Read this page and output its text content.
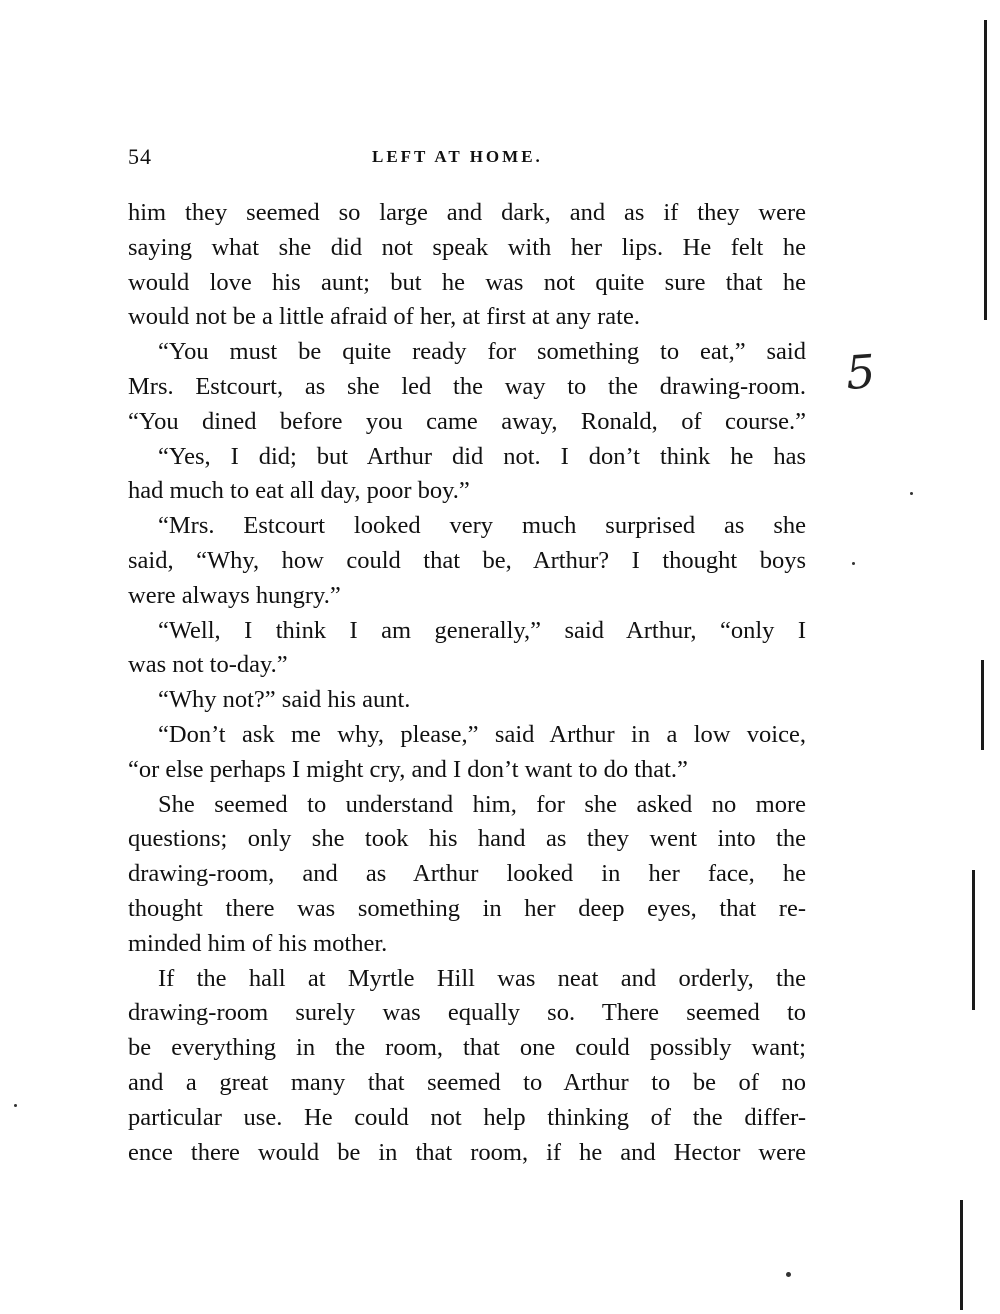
54	LEFT AT HOME.
him they seemed so large and dark, and as if they were
saying what she did not speak with her lips. He felt he
would love his aunt; but he was not quite sure that he
would not be a little afraid of her, at first at any rate.
“You must be quite ready for something to eat,” said
Mrs. Estcourt, as she led the way to the drawing-room.
“You dined before you came away, Ronald, of course.”
“Yes, I did; but Arthur did not. I don’t think he has
had much to eat all day, poor boy.”
“Mrs. Estcourt looked very much surprised as she
said, “Why, how could that be, Arthur? I thought boys
were always hungry.”
“Well, I think I am generally,” said Arthur, “only I
was not to-day.”
“Why not?” said his aunt.
“Don’t ask me why, please,” said Arthur in a low voice,
“or else perhaps I might cry, and I don’t want to do that.”
She seemed to understand him, for she asked no more
questions; only she took his hand as they went into the
drawing-room, and as Arthur looked in her face, he
thought there was something in her deep eyes, that re-
minded him of his mother.
If the hall at Myrtle Hill was neat and orderly, the
drawing-room surely was equally so. There seemed to
be everything in the room, that one could possibly want;
and a great many that seemed to Arthur to be of no
particular use. He could not help thinking of the differ-
ence there would be in that room, if he and Hector were
5
